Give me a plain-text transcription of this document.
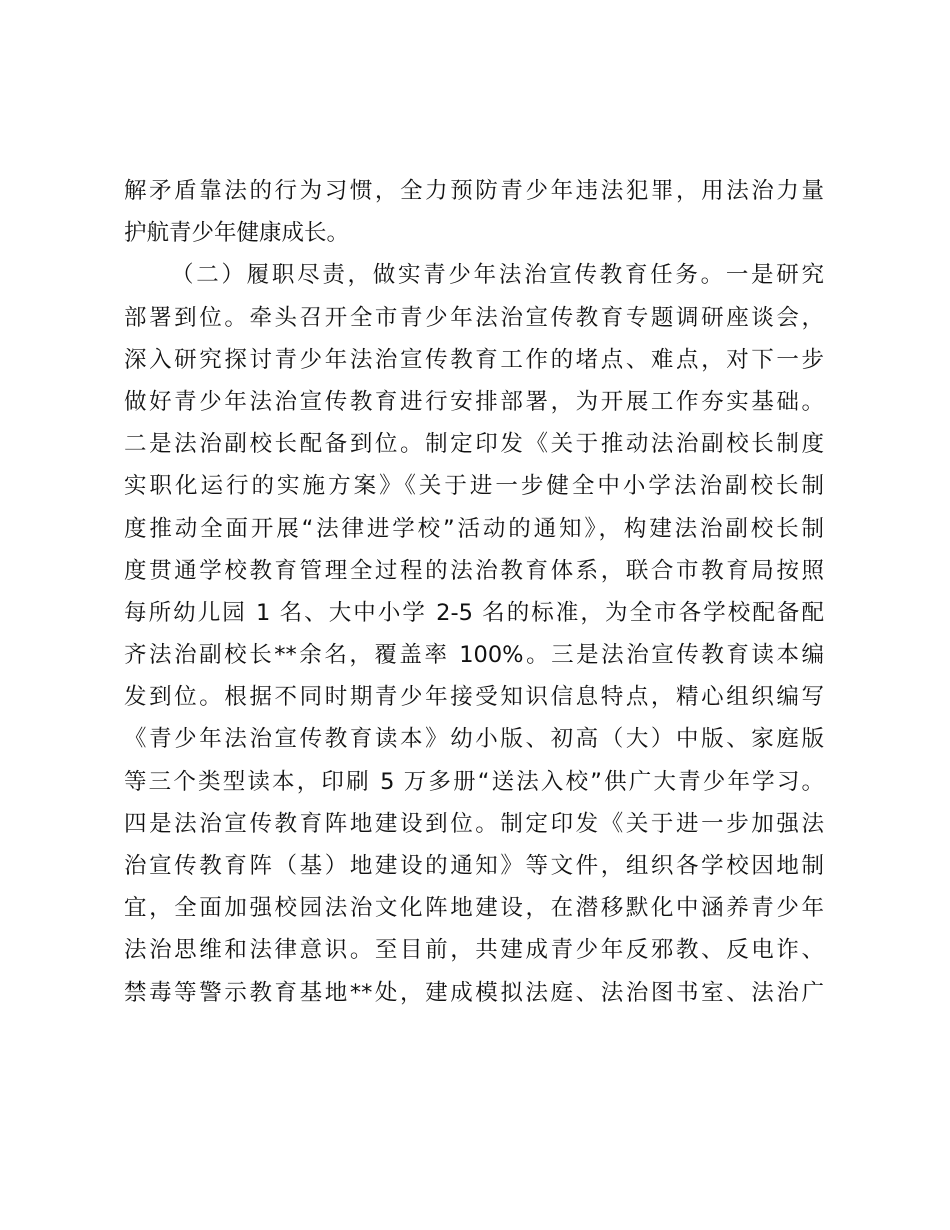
解矛盾靠法的行为习惯，全力预防青少年违法犯罪，用法治力量
护航青少年健康成长。
（二）履职尽责，做实青少年法治宣传教育任务。一是研究
部署到位。牵头召开全市青少年法治宣传教育专题调研座谈会，
深入研究探讨青少年法治宣传教育工作的堵点、难点，对下一步
做好青少年法治宣传教育进行安排部署，为开展工作夯实基础。
二是法治副校长配备到位。制定印发《关于推动法治副校长制度
实职化运行的实施方案》《关于进一步健全中小学法治副校长制
度推动全面开展“法律进学校”活动的通知》，构建法治副校长制
度贯通学校教育管理全过程的法治教育体系，联合市教育局按照
每所幼儿园 1 名、大中小学 2-5 名的标准，为全市各学校配备配
齐法治副校长**余名，覆盖率 100%。三是法治宣传教育读本编
发到位。根据不同时期青少年接受知识信息特点，精心组织编写
《青少年法治宣传教育读本》幼小版、初高（大）中版、家庭版
等三个类型读本，印刷 5 万多册“送法入校”供广大青少年学习。
四是法治宣传教育阵地建设到位。制定印发《关于进一步加强法
治宣传教育阵（基）地建设的通知》等文件，组织各学校因地制
宜，全面加强校园法治文化阵地建设，在潜移默化中涵养青少年
法治思维和法律意识。至目前，共建成青少年反邪教、反电诈、
禁毒等警示教育基地**处，建成模拟法庭、法治图书室、法治广
